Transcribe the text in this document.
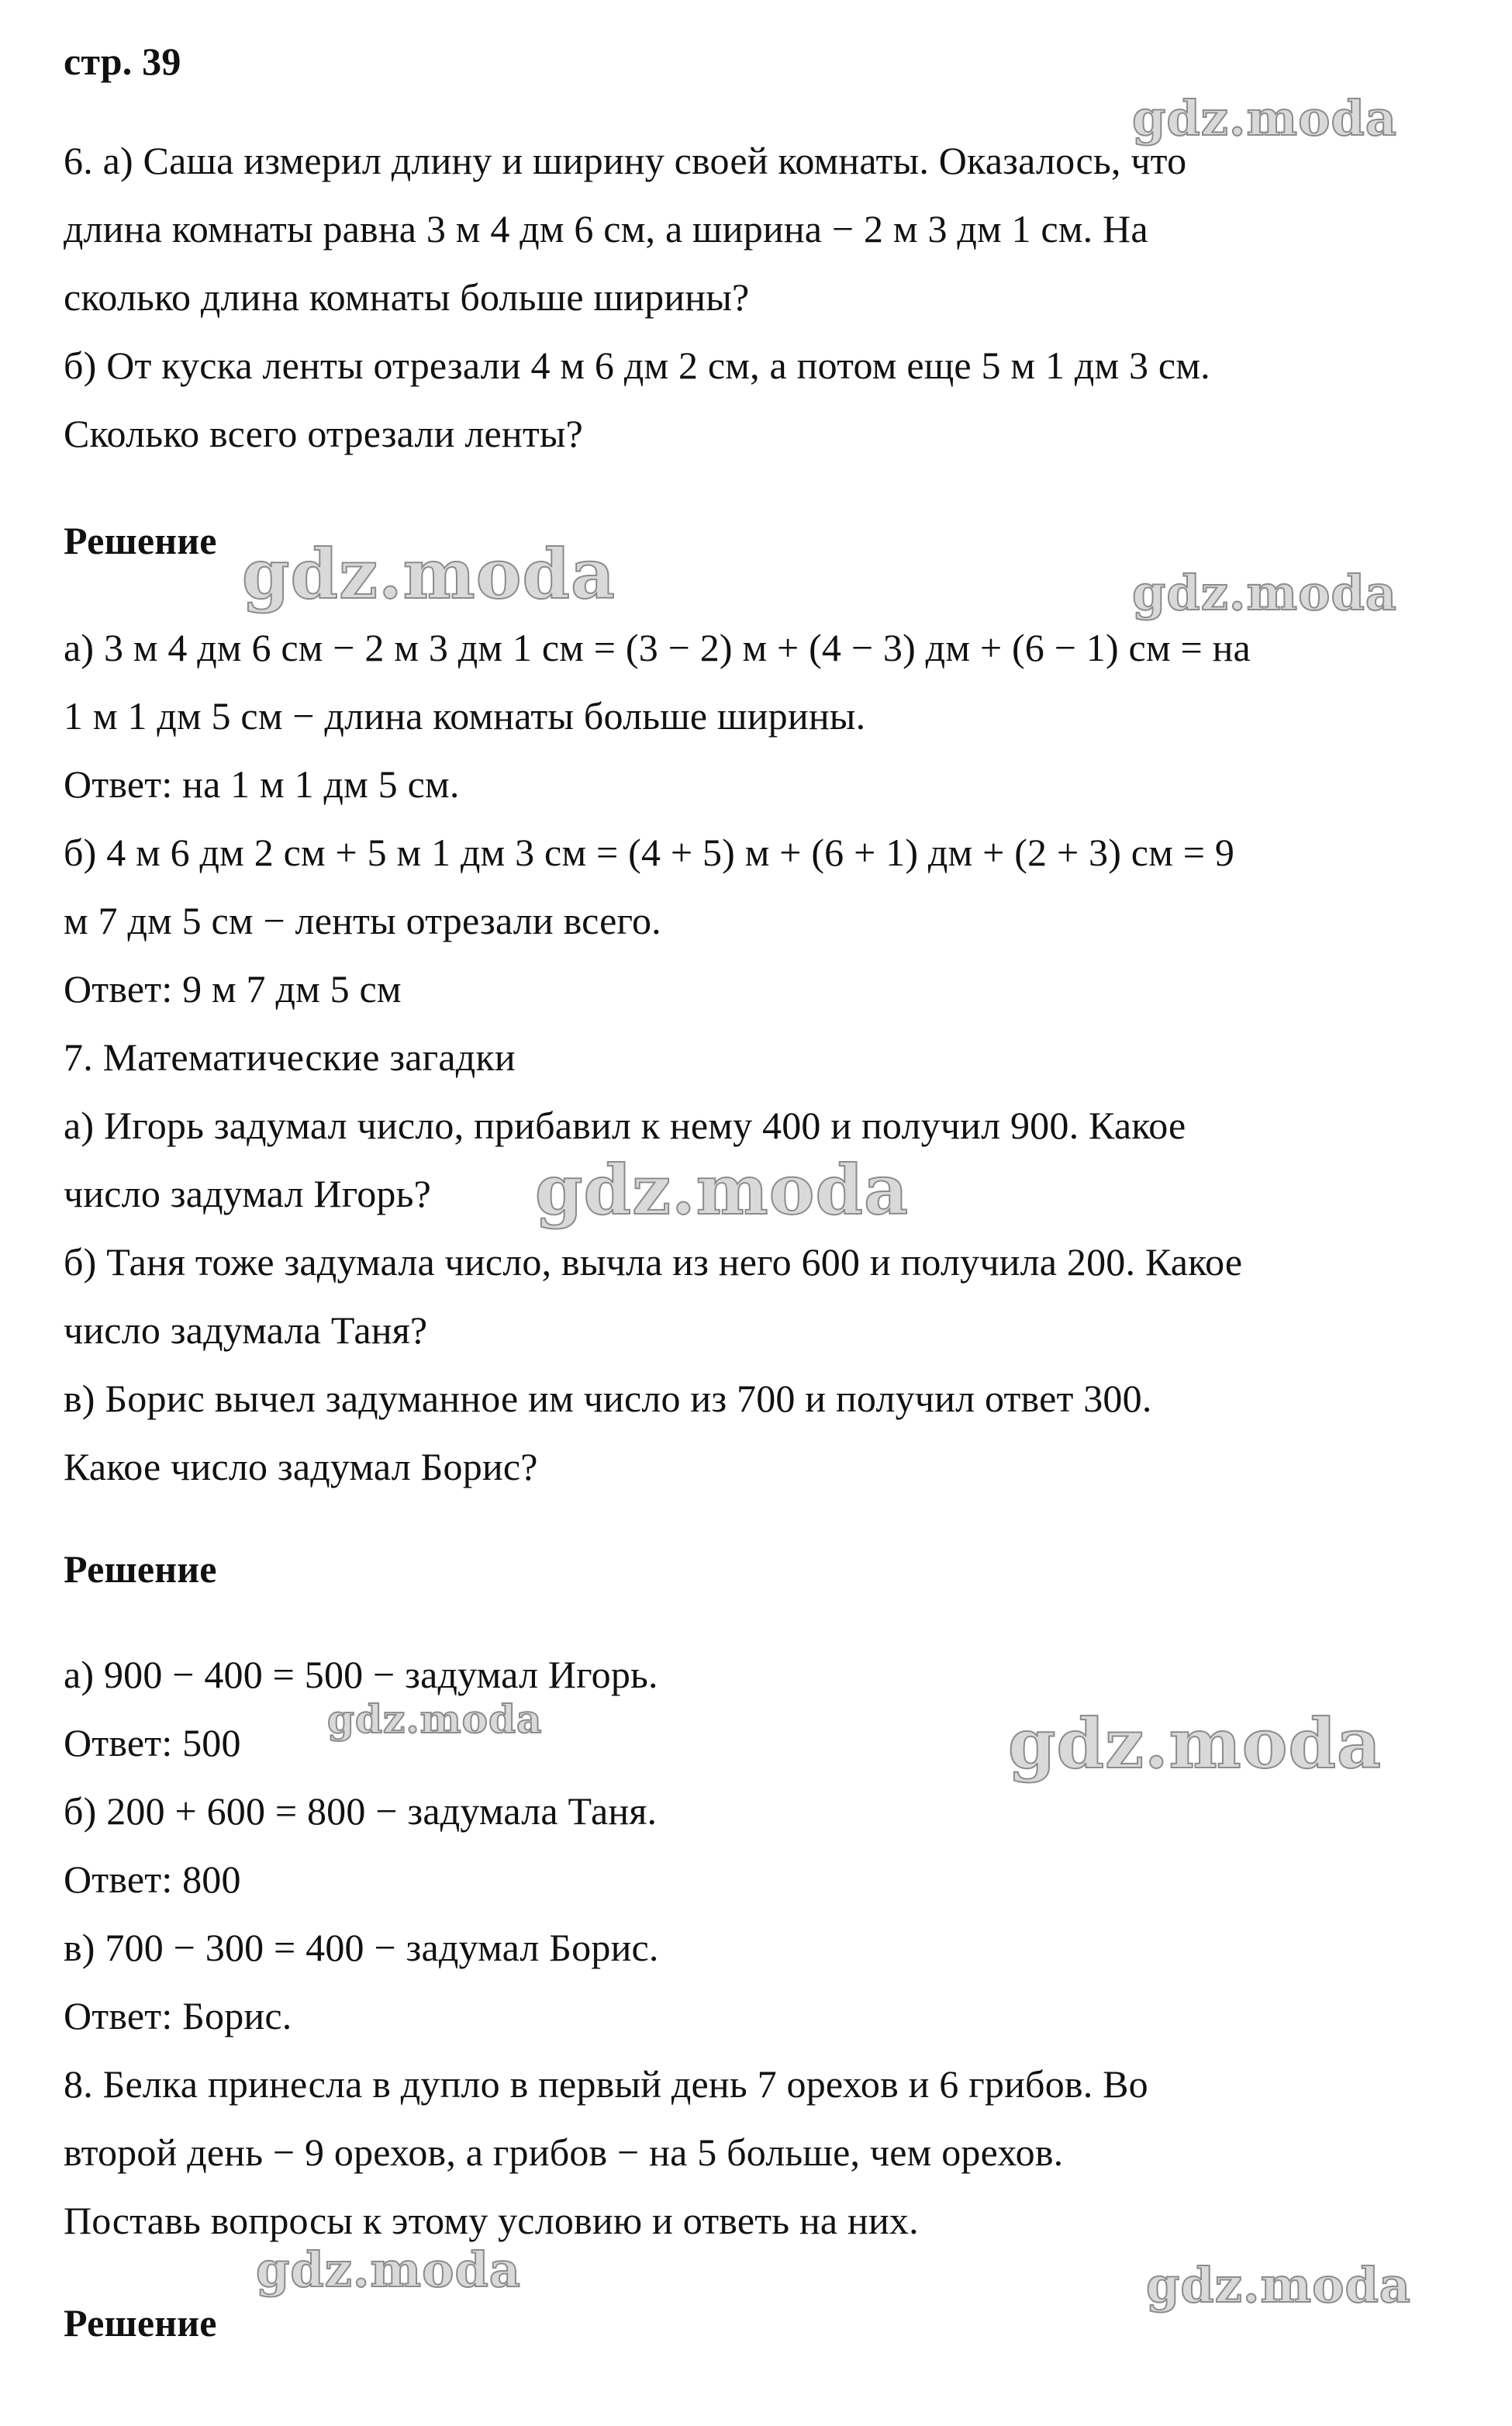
стр. 39
6. а) Саша измерил длину и ширину своей комнаты. Оказалось, что
длина комнаты равна 3 м 4 дм 6 см, а ширина − 2 м 3 дм 1 см. На
сколько длина комнаты больше ширины?
б) От куска ленты отрезали 4 м 6 дм 2 см, а потом еще 5 м 1 дм 3 см.
Сколько всего отрезали ленты?
Решение
а) 3 м 4 дм 6 см − 2 м 3 дм 1 см = (3 − 2) м + (4 − 3) дм + (6 − 1) см = на
1 м 1 дм 5 см − длина комнаты больше ширины.
Ответ: на 1 м 1 дм 5 см.
б) 4 м 6 дм 2 см + 5 м 1 дм 3 см = (4 + 5) м + (6 + 1) дм + (2 + 3) см = 9
м 7 дм 5 см − ленты отрезали всего.
Ответ: 9 м 7 дм 5 см
7. Математические загадки
а) Игорь задумал число, прибавил к нему 400 и получил 900. Какое
число задумал Игорь?
б) Таня тоже задумала число, вычла из него 600 и получила 200. Какое
число задумала Таня?
в) Борис вычел задуманное им число из 700 и получил ответ 300.
Какое число задумал Борис?
Решение
а) 900 − 400 = 500 − задумал Игорь.
Ответ: 500
б) 200 + 600 = 800 − задумала Таня.
Ответ: 800
в) 700 − 300 = 400 − задумал Борис.
Ответ: Борис.
8. Белка принесла в дупло в первый день 7 орехов и 6 грибов. Во
второй день − 9 орехов, а грибов − на 5 больше, чем орехов.
Поставь вопросы к этому условию и ответь на них.
Решение
gdz.moda
gdz.moda	gdz.moda
gdz.moda
gdz.moda	gdz.moda
gdz.moda	gdz.moda
